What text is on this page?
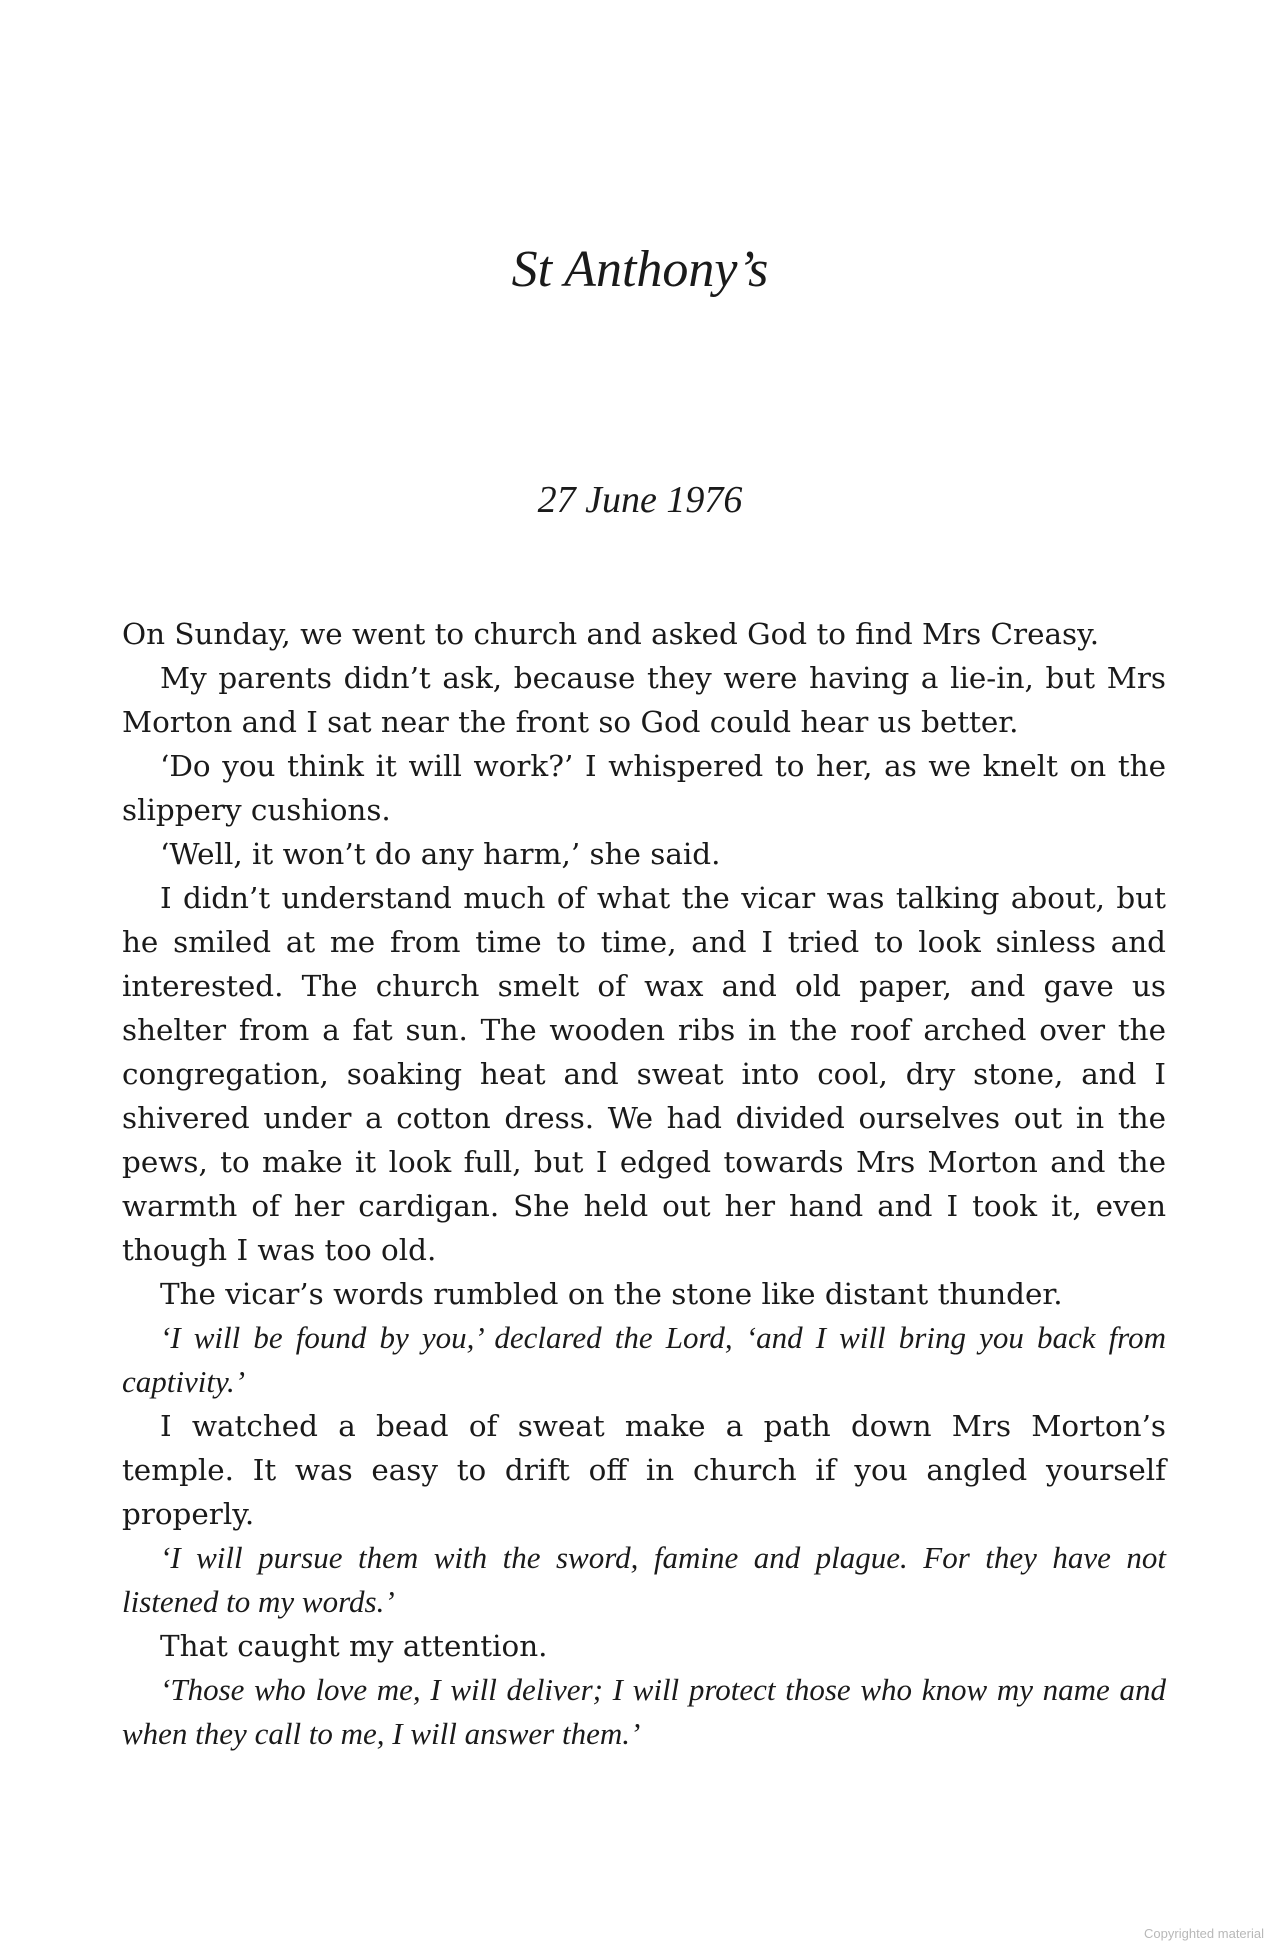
St Anthony’s
27 June 1976

On Sunday, we went to church and asked God to find Mrs Creasy.

My parents didn’t ask, because they were having a lie-in, but Mrs Morton and I sat near the front so God could hear us better.

‘Do you think it will work?’ I whispered to her, as we knelt on the slippery cushions.

‘Well, it won’t do any harm,’ she said.

I didn’t understand much of what the vicar was talking about, but he smiled at me from time to time, and I tried to look sinless and interested. The church smelt of wax and old paper, and gave us shelter from a fat sun. The wooden ribs in the roof arched over the congregation, soaking heat and sweat into cool, dry stone, and I shivered under a cotton dress. We had divided ourselves out in the pews, to make it look full, but I edged towards Mrs Morton and the warmth of her cardigan. She held out her hand and I took it, even though I was too old.

The vicar’s words rumbled on the stone like distant thunder.

‘I will be found by you,’ declared the Lord, ‘and I will bring you back from captivity.’

I watched a bead of sweat make a path down Mrs Morton’s temple. It was easy to drift off in church if you angled yourself properly.

‘I will pursue them with the sword, famine and plague. For they have not listened to my words.’

That caught my attention.

‘Those who love me, I will deliver; I will protect those who know my name and when they call to me, I will answer them.’

Copyrighted material
